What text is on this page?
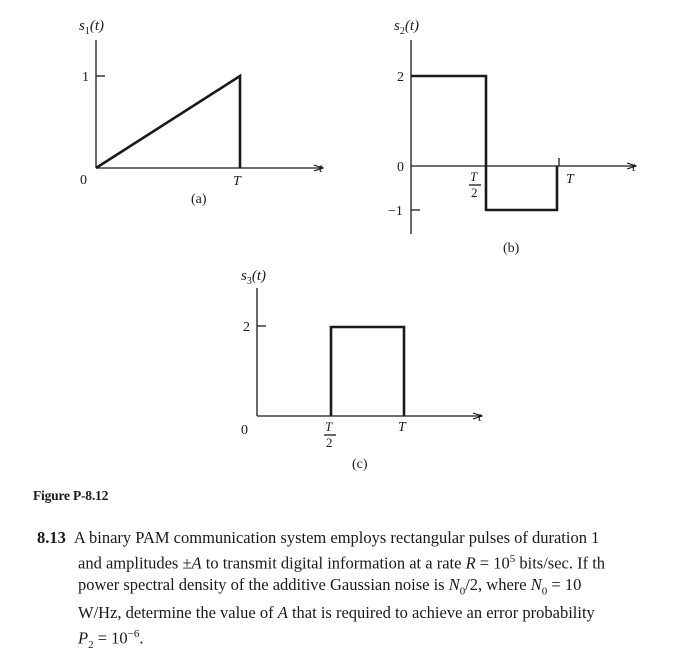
$s_1(t)$
1
0	T
t
(a)
$s_2(t)$
2
0
−1
T
2
T
t
(b)
$s_3(t)$
2
0	T
2
T
t
(c)
Figure P-8.12
8.13 A binary PAM communication system employs rectangular pulses of duration 1
and amplitudes ±A to transmit digital information at a rate $R = 10^5$ bits/sec. If th
power spectral density of the additive Gaussian noise is $N_0/2$, where $N_0 = 10$
W/Hz, determine the value of A that is required to achieve an error probability
$P_2 = 10^{-6}$.
